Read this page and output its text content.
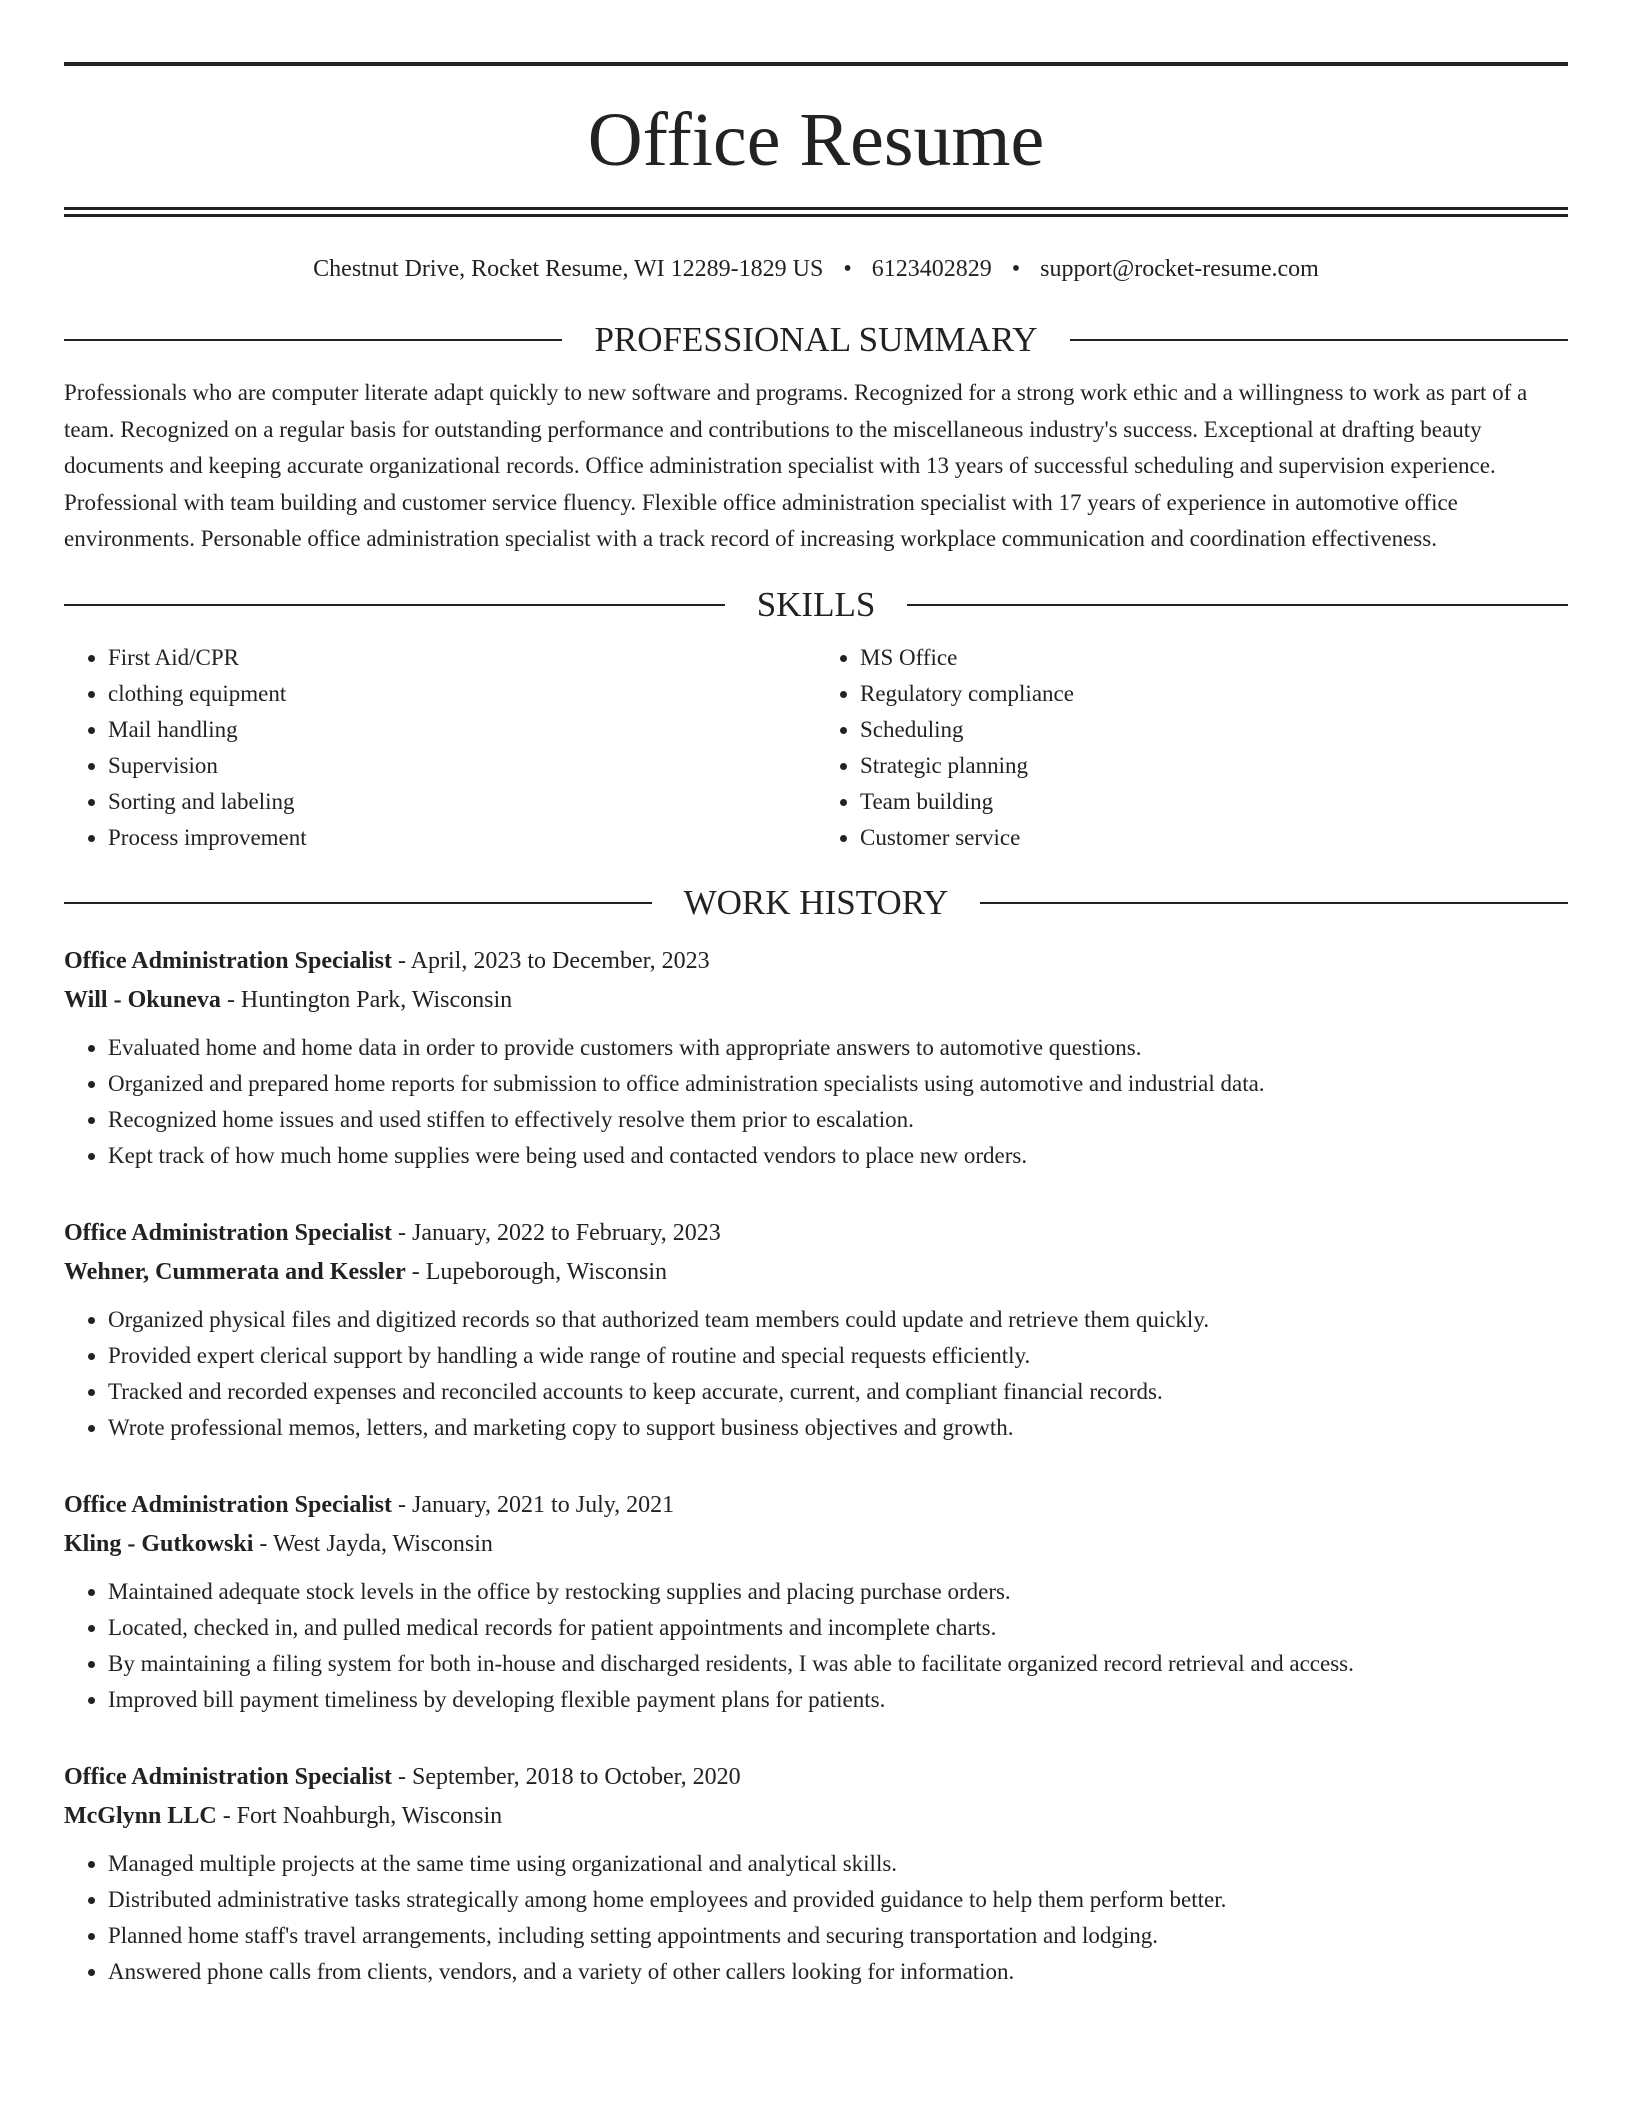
Office Resume
Chestnut Drive, Rocket Resume, WI 12289-1829 US • 6123402829 • support@rocket-resume.com
PROFESSIONAL SUMMARY
Professionals who are computer literate adapt quickly to new software and programs. Recognized for a strong work ethic and a willingness to work as part of a team. Recognized on a regular basis for outstanding performance and contributions to the miscellaneous industry's success. Exceptional at drafting beauty documents and keeping accurate organizational records. Office administration specialist with 13 years of successful scheduling and supervision experience. Professional with team building and customer service fluency. Flexible office administration specialist with 17 years of experience in automotive office environments. Personable office administration specialist with a track record of increasing workplace communication and coordination effectiveness.
SKILLS
• First Aid/CPR
• clothing equipment
• Mail handling
• Supervision
• Sorting and labeling
• Process improvement
• MS Office
• Regulatory compliance
• Scheduling
• Strategic planning
• Team building
• Customer service
WORK HISTORY
Office Administration Specialist - April, 2023 to December, 2023
Will - Okuneva - Huntington Park, Wisconsin
• Evaluated home and home data in order to provide customers with appropriate answers to automotive questions.
• Organized and prepared home reports for submission to office administration specialists using automotive and industrial data.
• Recognized home issues and used stiffen to effectively resolve them prior to escalation.
• Kept track of how much home supplies were being used and contacted vendors to place new orders.
Office Administration Specialist - January, 2022 to February, 2023
Wehner, Cummerata and Kessler - Lupeborough, Wisconsin
• Organized physical files and digitized records so that authorized team members could update and retrieve them quickly.
• Provided expert clerical support by handling a wide range of routine and special requests efficiently.
• Tracked and recorded expenses and reconciled accounts to keep accurate, current, and compliant financial records.
• Wrote professional memos, letters, and marketing copy to support business objectives and growth.
Office Administration Specialist - January, 2021 to July, 2021
Kling - Gutkowski - West Jayda, Wisconsin
• Maintained adequate stock levels in the office by restocking supplies and placing purchase orders.
• Located, checked in, and pulled medical records for patient appointments and incomplete charts.
• By maintaining a filing system for both in-house and discharged residents, I was able to facilitate organized record retrieval and access.
• Improved bill payment timeliness by developing flexible payment plans for patients.
Office Administration Specialist - September, 2018 to October, 2020
McGlynn LLC - Fort Noahburgh, Wisconsin
• Managed multiple projects at the same time using organizational and analytical skills.
• Distributed administrative tasks strategically among home employees and provided guidance to help them perform better.
• Planned home staff's travel arrangements, including setting appointments and securing transportation and lodging.
• Answered phone calls from clients, vendors, and a variety of other callers looking for information.
